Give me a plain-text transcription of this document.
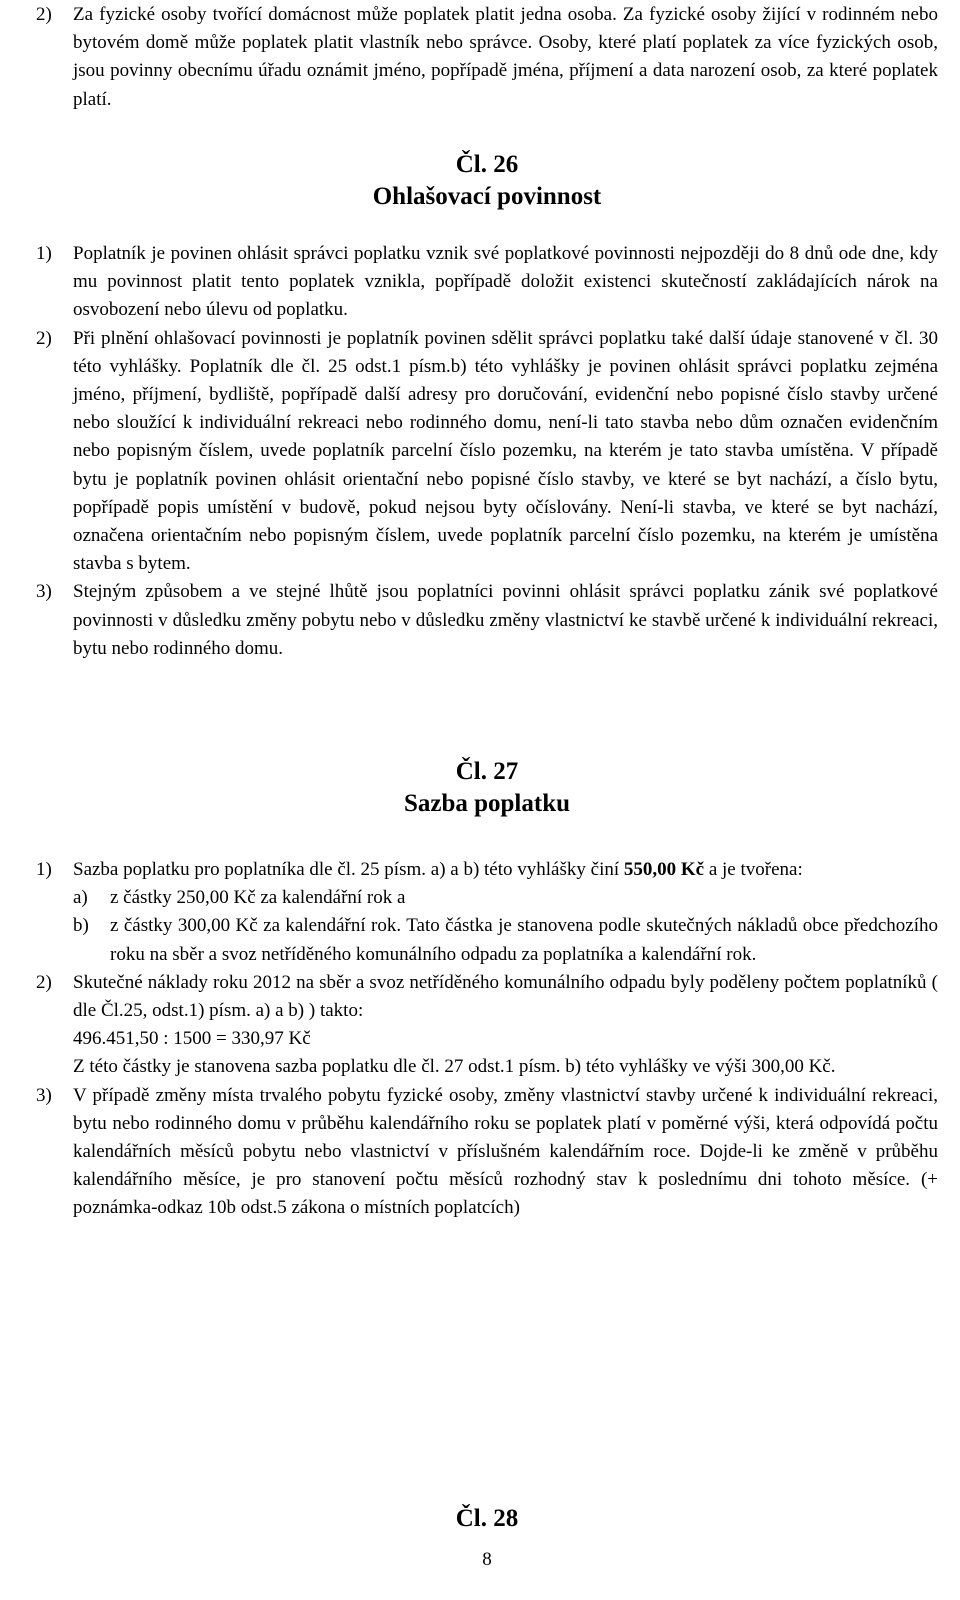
2)	Za fyzické osoby tvořící domácnost může poplatek platit jedna osoba. Za fyzické osoby žijící v rodinném nebo bytovém domě může poplatek platit vlastník nebo správce. Osoby, které platí poplatek za více fyzických osob, jsou povinny obecnímu úřadu oznámit jméno, popřípadě jména, příjmení a data narození osob, za které poplatek platí.
Čl. 26
Ohlašovací povinnost
1)	Poplatník je povinen ohlásit správci poplatku vznik své poplatkové povinnosti nejpozději do 8 dnů ode dne, kdy mu povinnost platit tento poplatek vznikla, popřípadě doložit existenci skutečností zakládajících nárok na osvobození nebo úlevu od poplatku.
2)	Při plnění ohlašovací povinnosti je poplatník povinen sdělit správci poplatku také další údaje stanovené v čl. 30 této vyhlášky. Poplatník dle čl. 25 odst.1 písm.b) této vyhlášky je povinen ohlásit správci poplatku zejména jméno, příjmení, bydliště, popřípadě další adresy pro doručování, evidenční nebo popisné číslo stavby určené nebo sloužící k individuální rekreaci nebo rodinného domu, není-li tato stavba nebo dům označen evidenčním nebo popisným číslem, uvede poplatník parcelní číslo pozemku, na kterém je tato stavba umístěna. V případě bytu je poplatník povinen ohlásit orientační nebo popisné číslo stavby, ve které se byt nachází, a číslo bytu, popřípadě popis umístění v budově, pokud nejsou byty očíslovány. Není-li stavba, ve které se byt nachází, označena orientačním nebo popisným číslem, uvede poplatník parcelní číslo pozemku, na kterém je umístěna stavba s bytem.
3)	Stejným způsobem a ve stejné lhůtě jsou poplatníci povinni ohlásit správci poplatku zánik své poplatkové povinnosti v důsledku změny pobytu nebo v důsledku změny vlastnictví ke stavbě určené k individuální rekreaci, bytu nebo rodinného domu.
Čl. 27
Sazba poplatku
1)	Sazba poplatku pro poplatníka dle čl. 25 písm. a) a b) této vyhlášky činí 550,00 Kč a je tvořena:
a)	z částky 250,00 Kč za kalendářní rok a
b)	z částky 300,00 Kč za kalendářní rok. Tato částka je stanovena podle skutečných nákladů obce předchozího roku na sběr a svoz netříděného komunálního odpadu za poplatníka a kalendářní rok.
2)	Skutečné náklady roku 2012 na sběr a svoz netříděného komunálního odpadu byly poděleny počtem poplatníků ( dle Čl.25, odst.1) písm. a) a b) ) takto:
496.451,50 : 1500 = 330,97 Kč
Z této částky je stanovena sazba poplatku dle čl. 27 odst.1 písm. b) této vyhlášky ve výši 300,00 Kč.
3)	V případě změny místa trvalého pobytu fyzické osoby, změny vlastnictví stavby určené k individuální rekreaci, bytu nebo rodinného domu v průběhu kalendářního roku se poplatek platí v poměrné výši, která odpovídá počtu kalendářních měsíců pobytu nebo vlastnictví v příslušném kalendářním roce. Dojde-li ke změně v průběhu kalendářního měsíce, je pro stanovení počtu měsíců rozhodný stav k poslednímu dni tohoto měsíce. (+ poznámka-odkaz 10b odst.5 zákona o místních poplatcích)
Čl. 28
8
